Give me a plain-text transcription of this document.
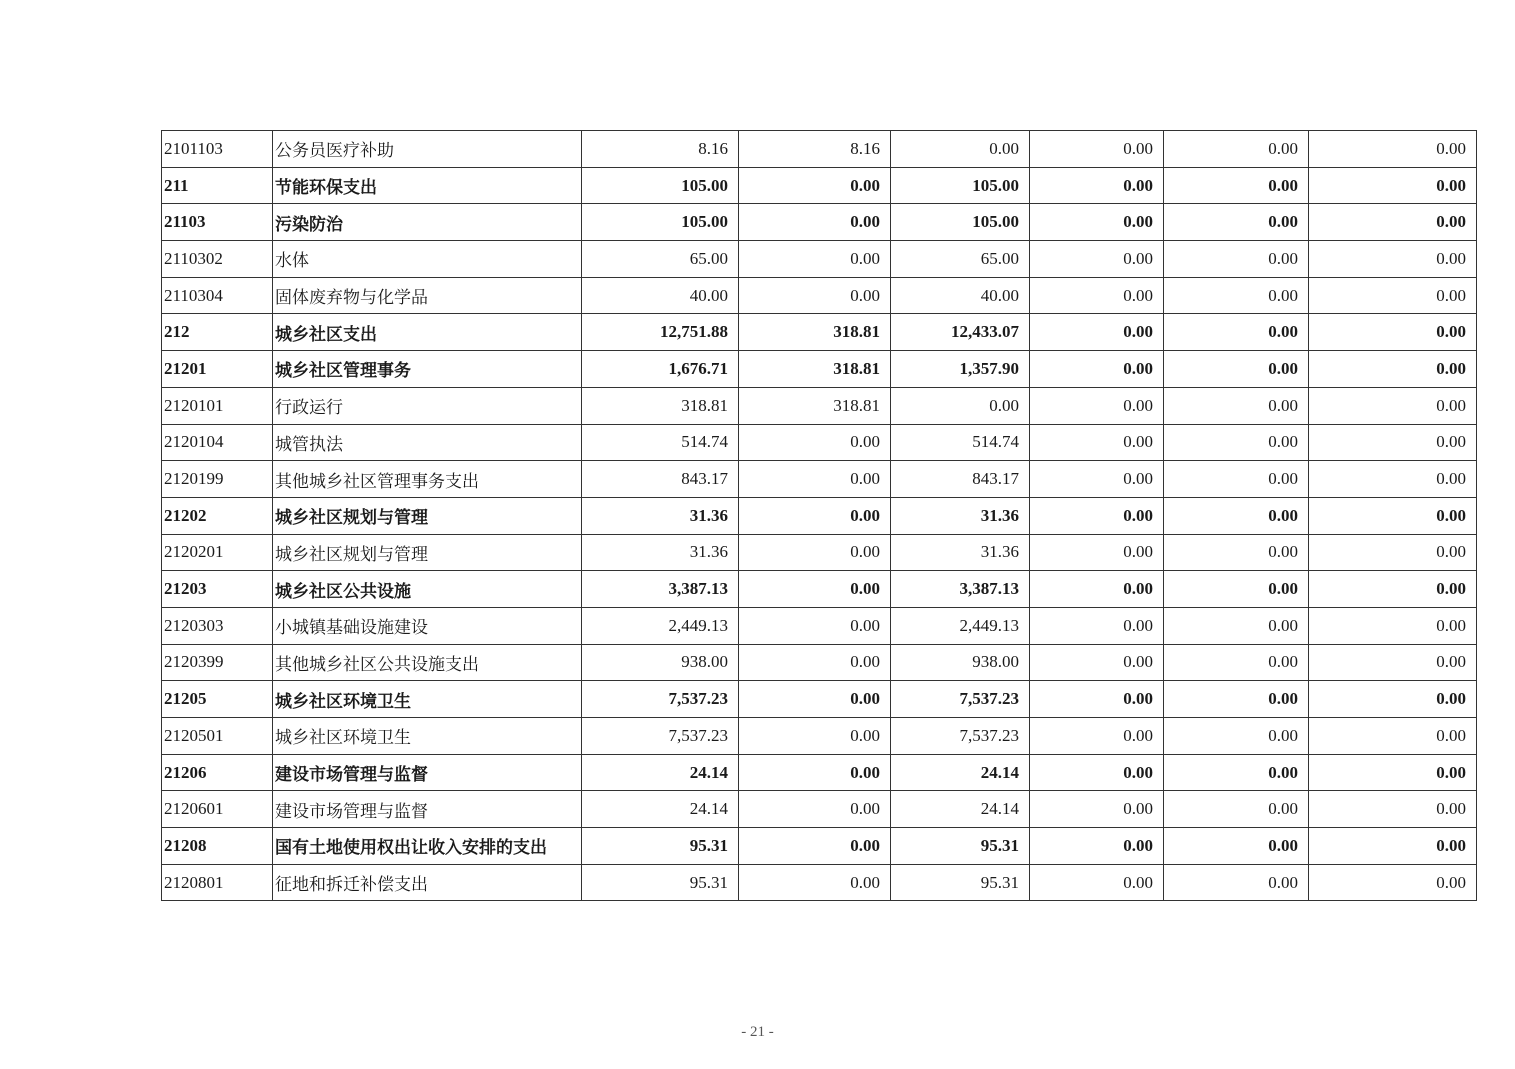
2101103	公务员医疗补助	8.16	8.16	0.00	0.00	0.00	0.00
211	节能环保支出	105.00	0.00	105.00	0.00	0.00	0.00
21103	污染防治	105.00	0.00	105.00	0.00	0.00	0.00
2110302	水体	65.00	0.00	65.00	0.00	0.00	0.00
2110304	固体废弃物与化学品	40.00	0.00	40.00	0.00	0.00	0.00
212	城乡社区支出	12,751.88	318.81	12,433.07	0.00	0.00	0.00
21201	城乡社区管理事务	1,676.71	318.81	1,357.90	0.00	0.00	0.00
2120101	行政运行	318.81	318.81	0.00	0.00	0.00	0.00
2120104	城管执法	514.74	0.00	514.74	0.00	0.00	0.00
2120199	其他城乡社区管理事务支出	843.17	0.00	843.17	0.00	0.00	0.00
21202	城乡社区规划与管理	31.36	0.00	31.36	0.00	0.00	0.00
2120201	城乡社区规划与管理	31.36	0.00	31.36	0.00	0.00	0.00
21203	城乡社区公共设施	3,387.13	0.00	3,387.13	0.00	0.00	0.00
2120303	小城镇基础设施建设	2,449.13	0.00	2,449.13	0.00	0.00	0.00
2120399	其他城乡社区公共设施支出	938.00	0.00	938.00	0.00	0.00	0.00
21205	城乡社区环境卫生	7,537.23	0.00	7,537.23	0.00	0.00	0.00
2120501	城乡社区环境卫生	7,537.23	0.00	7,537.23	0.00	0.00	0.00
21206	建设市场管理与监督	24.14	0.00	24.14	0.00	0.00	0.00
2120601	建设市场管理与监督	24.14	0.00	24.14	0.00	0.00	0.00
21208	国有土地使用权出让收入安排的支出	95.31	0.00	95.31	0.00	0.00	0.00
2120801	征地和拆迁补偿支出	95.31	0.00	95.31	0.00	0.00	0.00
- 21 -
